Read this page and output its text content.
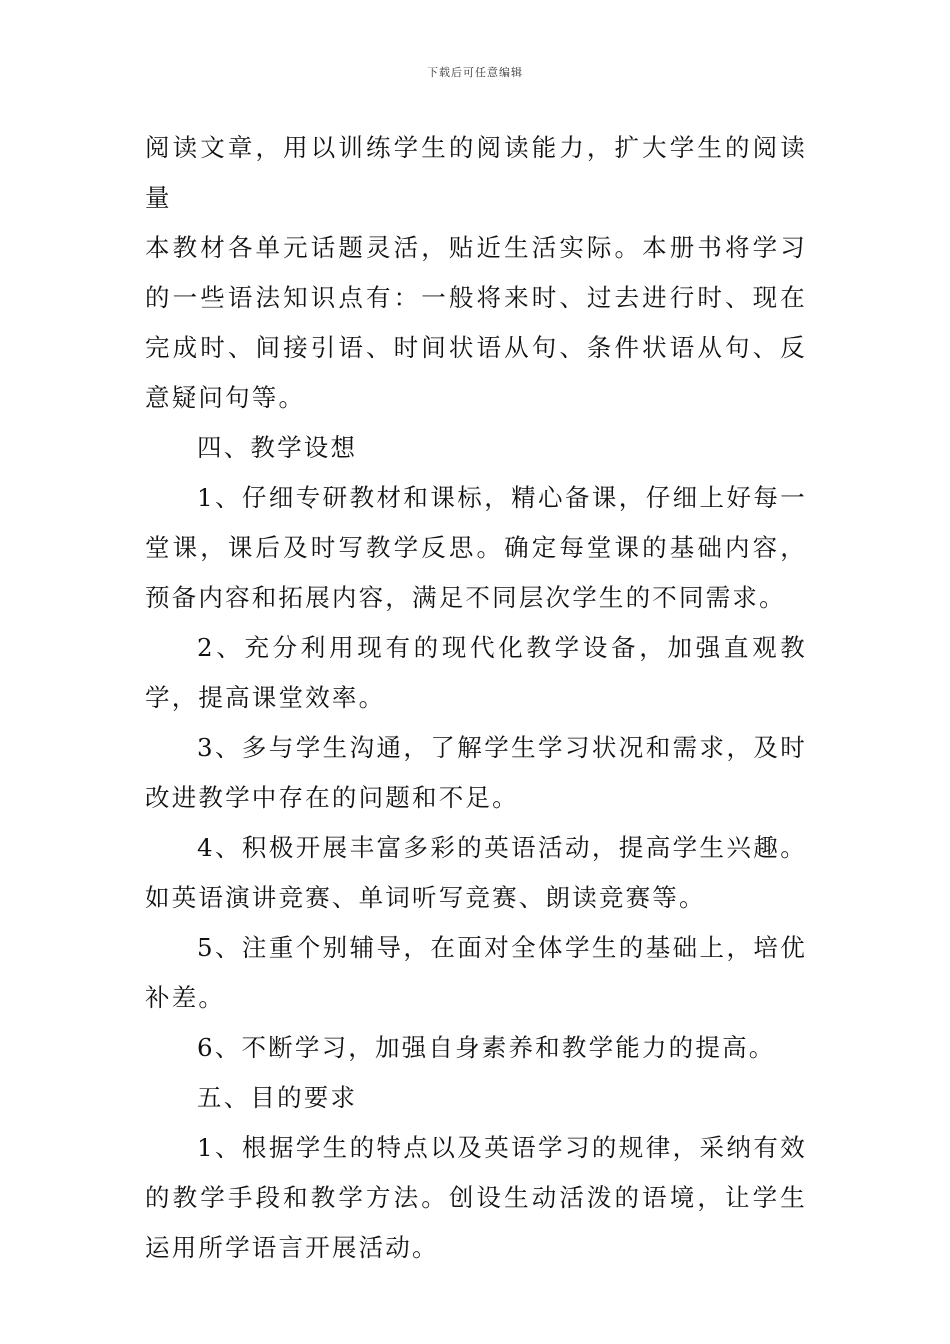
下载后可任意编辑

阅读文章，用以训练学生的阅读能力，扩大学生的阅读量

本教材各单元话题灵活，贴近生活实际。本册书将学习的一些语法知识点有：一般将来时、过去进行时、现在完成时、间接引语、时间状语从句、条件状语从句、反意疑问句等。

四、教学设想

1、仔细专研教材和课标，精心备课，仔细上好每一堂课，课后及时写教学反思。确定每堂课的基础内容，预备内容和拓展内容，满足不同层次学生的不同需求。

2、充分利用现有的现代化教学设备，加强直观教学，提高课堂效率。

3、多与学生沟通，了解学生学习状况和需求，及时改进教学中存在的问题和不足。

4、积极开展丰富多彩的英语活动，提高学生兴趣。如英语演讲竞赛、单词听写竞赛、朗读竞赛等。

5、注重个别辅导，在面对全体学生的基础上，培优补差。

6、不断学习，加强自身素养和教学能力的提高。

五、目的要求

1、根据学生的特点以及英语学习的规律，采纳有效的教学手段和教学方法。创设生动活泼的语境，让学生运用所学语言开展活动。
